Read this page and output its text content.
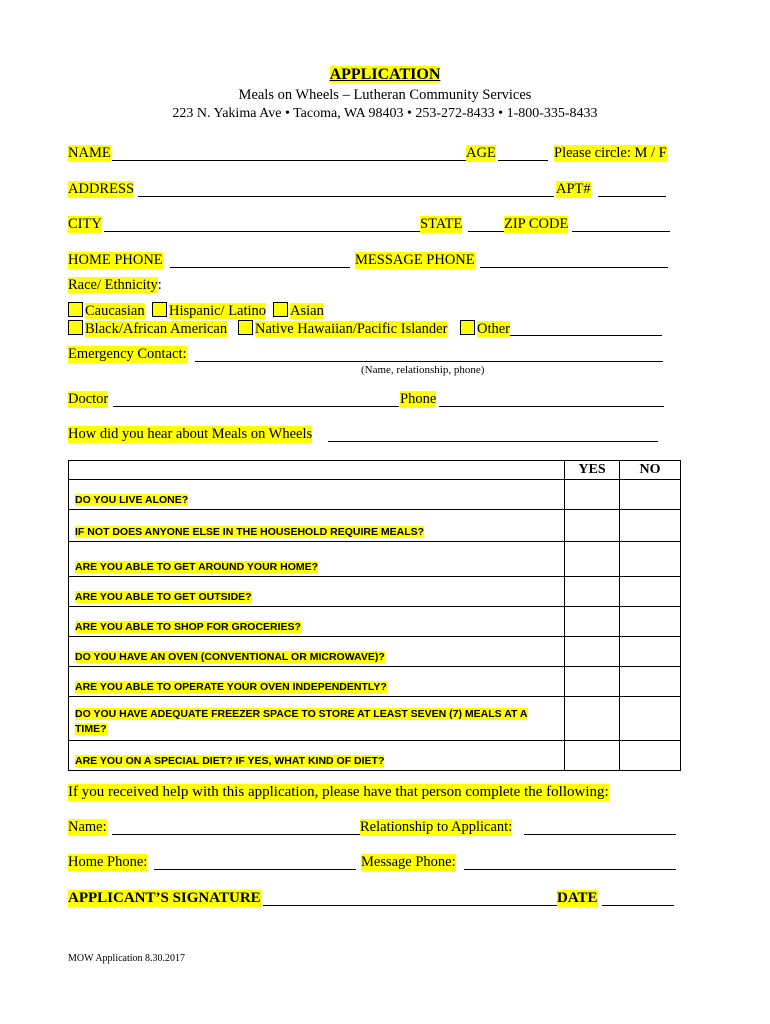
APPLICATION
Meals on Wheels – Lutheran Community Services
223 N. Yakima Ave • Tacoma, WA 98403 • 253-272-8433 • 1-800-335-8433
NAME	AGE	Please circle: M / F
ADDRESS	APT#
CITY	STATE	ZIP CODE
HOME PHONE	MESSAGE PHONE
Race/ Ethnicity:
Caucasian	Hispanic/ Latino	Asian
Black/African American	Native Hawaiian/Pacific Islander	Other
Emergency Contact:
(Name, relationship, phone)
Doctor	Phone
How did you hear about Meals on Wheels
	YES	NO
DO YOU LIVE ALONE?		
IF NOT DOES ANYONE ELSE IN THE HOUSEHOLD REQUIRE MEALS?		
ARE YOU ABLE TO GET AROUND YOUR HOME?		
ARE YOU ABLE TO GET OUTSIDE?		
ARE YOU ABLE TO SHOP FOR GROCERIES?		
DO YOU HAVE AN OVEN (CONVENTIONAL OR MICROWAVE)?		
ARE YOU ABLE TO OPERATE YOUR OVEN INDEPENDENTLY?		
DO YOU HAVE ADEQUATE FREEZER SPACE TO STORE AT LEAST SEVEN (7) MEALS AT A TIME?		
ARE YOU ON A SPECIAL DIET? IF YES, WHAT KIND OF DIET?		
If you received help with this application, please have that person complete the following:
Name:	Relationship to Applicant:
Home Phone:	Message Phone:
APPLICANT’S SIGNATURE	DATE
MOW Application 8.30.2017
